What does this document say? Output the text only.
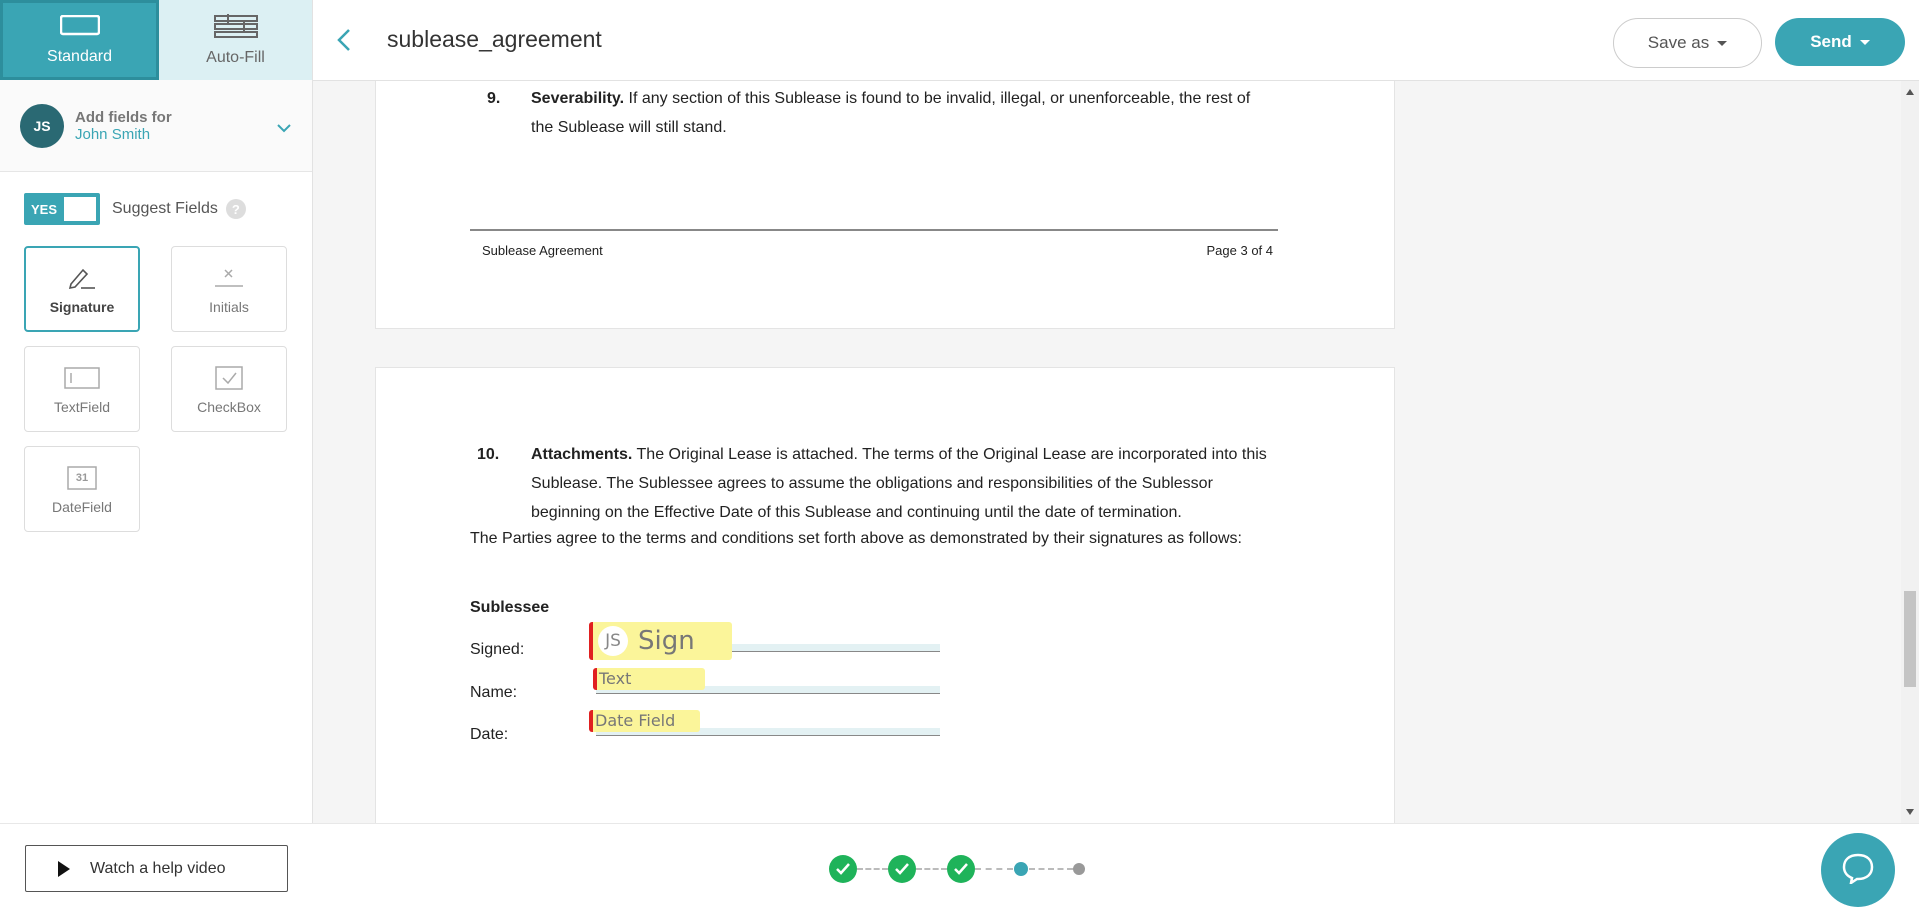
Standard	Auto-Fill
JS	Add fields for
John Smith
YES	Suggest Fields	?
Signature	Initials
TextField	CheckBox
31
DateField
sublease_agreement	Save as	Send
9. Severability. If any section of this Sublease is found to be invalid, illegal, or unenforceable, the rest of the Sublease will still stand.
Sublease Agreement	Page 3 of 4
10. Attachments. The Original Lease is attached. The terms of the Original Lease are incorporated into this Sublease. The Sublessee agrees to assume the obligations and responsibilities of the Sublessor beginning on the Effective Date of this Sublease and continuing until the date of termination.
The Parties agree to the terms and conditions set forth above as demonstrated by their signatures as follows:
Sublessee
Signed:	JS Sign
Name:
Text
Date:
Date Field
Watch a help video
